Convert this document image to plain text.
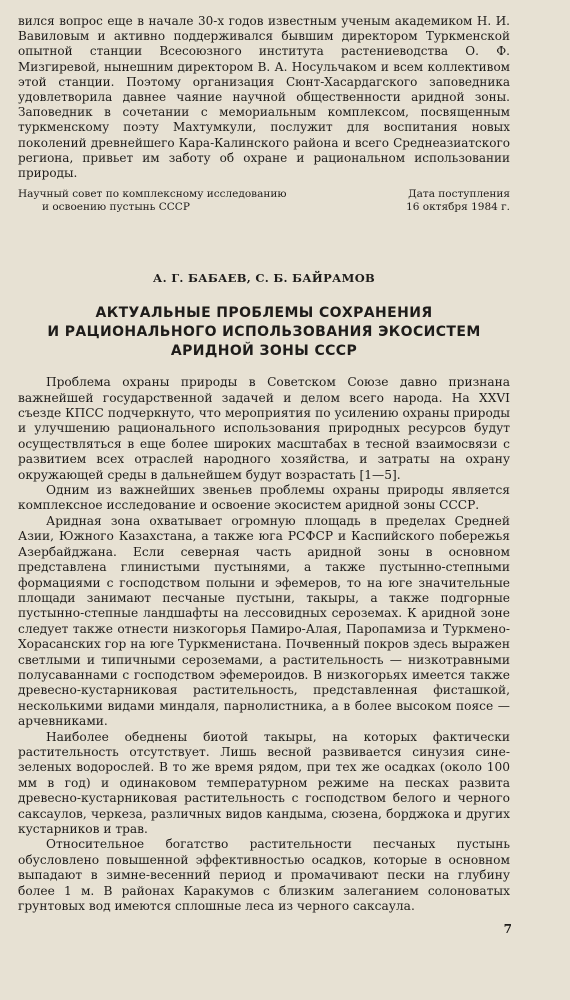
вился вопрос еще в начале 30-х годов известным ученым академиком Н. И. Вавиловым и активно поддерживался бывшим директором Туркменской опытной станции Всесоюзного института растениеводства О. Ф. Мизгиревой, нынешним директором В. А. Носульчаком и всем коллективом этой станции. Поэтому организация Сюнт-Хасардагского заповедника удовлетворила давнее чаяние научной общественности аридной зоны. Заповедник в сочетании с мемориальным комплексом, посвященным туркменскому поэту Махтумкули, послужит для воспитания новых поколений древнейшего Кара-Калинского района и всего Среднеазиатского региона, привьет им заботу об охране и рациональном использовании природы.

Научный совет по комплексному исследованию
и освоению пустынь СССР
Дата поступления
16 октября 1984 г.
А. Г. БАБАЕВ, С. Б. БАЙРАМОВ
АКТУАЛЬНЫЕ ПРОБЛЕМЫ СОХРАНЕНИЯ
И РАЦИОНАЛЬНОГО ИСПОЛЬЗОВАНИЯ ЭКОСИСТЕМ
АРИДНОЙ ЗОНЫ СССР

Проблема охраны природы в Советском Союзе давно признана важнейшей государственной задачей и делом всего народа. На XXVI съезде КПСС подчеркнуто, что мероприятия по усилению охраны природы и улучшению рационального использования природных ресурсов будут осуществляться в еще более широких масштабах в тесной взаимосвязи с развитием всех отраслей народного хозяйства, и затраты на охрану окружающей среды в дальнейшем будут возрастать [1—5].

Одним из важнейших звеньев проблемы охраны природы является комплексное исследование и освоение экосистем аридной зоны СССР.

Аридная зона охватывает огромную площадь в пределах Средней Азии, Южного Казахстана, а также юга РСФСР и Каспийского побережья Азербайджана. Если северная часть аридной зоны в основном представлена глинистыми пустынями, а также пустынно-степными формациями с господством полыни и эфемеров, то на юге значительные площади занимают песчаные пустыни, такыры, а также подгорные пустынно-степные ландшафты на лессовидных сероземах. К аридной зоне следует также отнести низкогорья Памиро-Алая, Паропамиза и Туркмено-Хорасанских гор на юге Туркменистана. Почвенный покров здесь выражен светлыми и типичными сероземами, а растительность — низкотравными полусаваннами с господством эфемероидов. В низкогорьях имеется также древесно-кустарниковая растительность, представленная фисташкой, несколькими видами миндаля, парнолистника, а в более высоком поясе — арчевниками.

Наиболее обеднены биотой такыры, на которых фактически растительность отсутствует. Лишь весной развивается синузия сине-зеленых водорослей. В то же время рядом, при тех же осадках (около 100 мм в год) и одинаковом температурном режиме на песках развита древесно-кустарниковая растительность с господством белого и черного саксаулов, черкеза, различных видов кандыма, сюзена, борджока и других кустарников и трав.

Относительное богатство растительности песчаных пустынь обусловлено повышенной эффективностью осадков, которые в основном выпадают в зимне-весенний период и промачивают пески на глубину более 1 м. В районах Каракумов с близким залеганием солоноватых грунтовых вод имеются сплошные леса из черного саксаула.

7
